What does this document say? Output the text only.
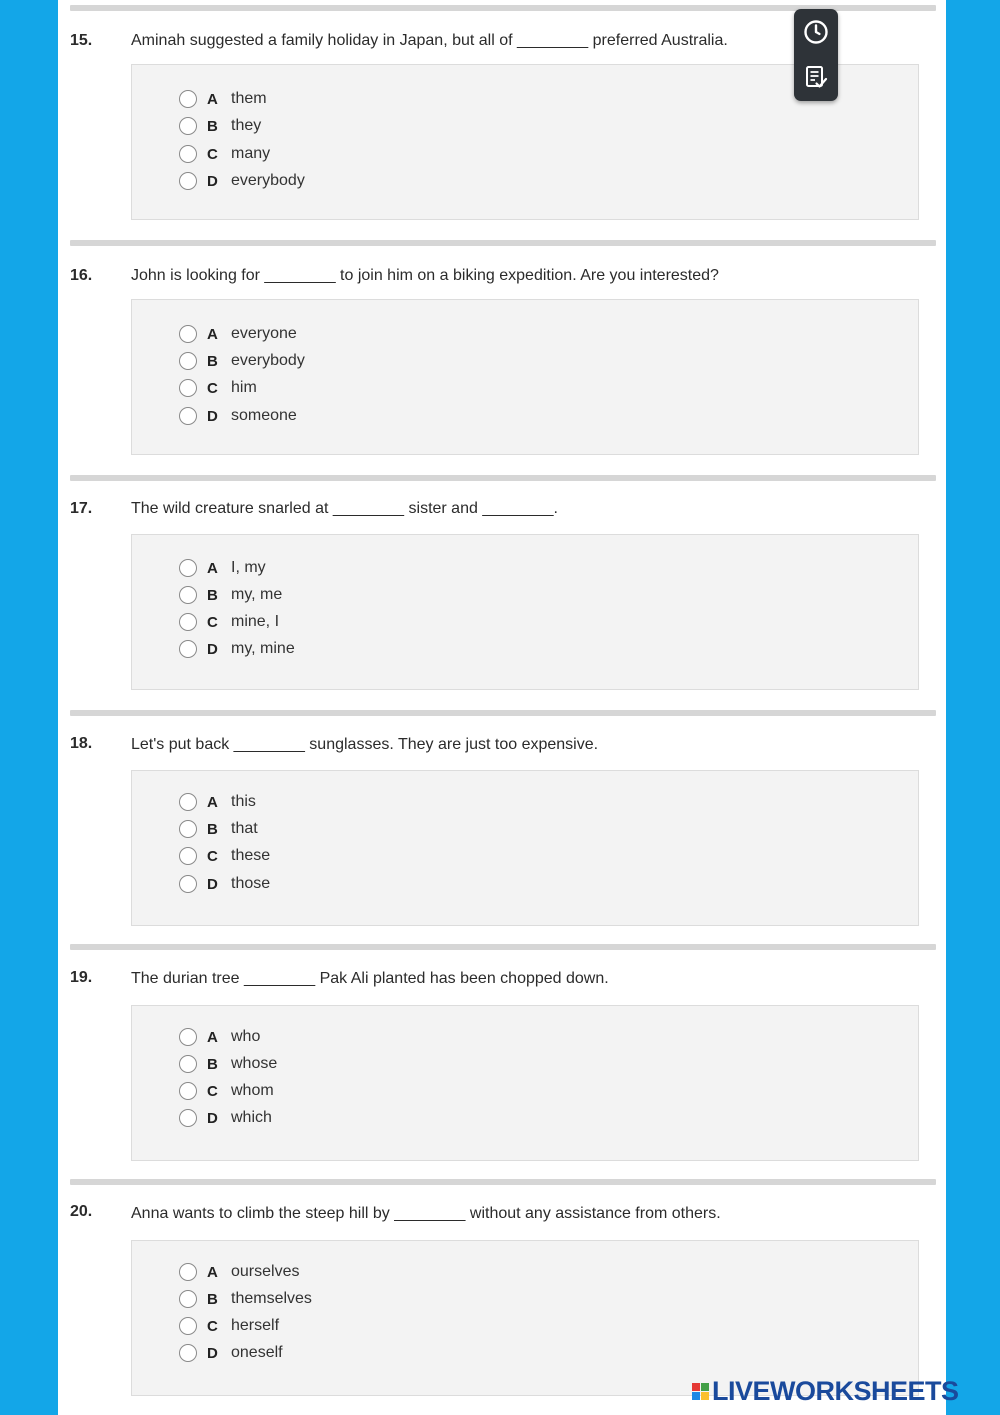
15. Aminah suggested a family holiday in Japan, but all of ________ preferred Australia.
A them
B they
C many
D everybody
16. John is looking for ________ to join him on a biking expedition. Are you interested?
A everyone
B everybody
C him
D someone
17. The wild creature snarled at ________ sister and ________.
A I, my
B my, me
C mine, I
D my, mine
18. Let's put back ________ sunglasses. They are just too expensive.
A this
B that
C these
D those
19. The durian tree ________ Pak Ali planted has been chopped down.
A who
B whose
C whom
D which
20. Anna wants to climb the steep hill by ________ without any assistance from others.
A ourselves
B themselves
C herself
D oneself
LIVEWORKSHEETS
